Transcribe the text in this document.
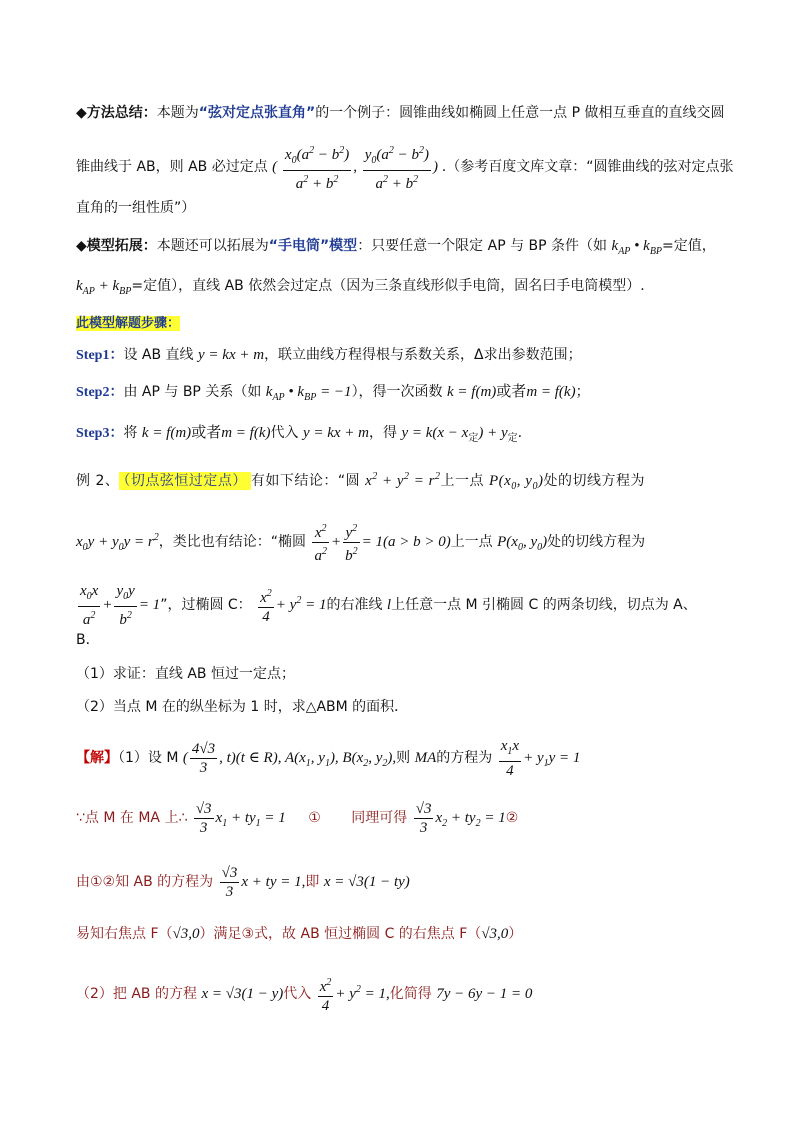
◆方法总结：本题为“弦对定点张直角”的一个例子：圆锥曲线如椭圆上任意一点 P 做相互垂直的直线交圆
锥曲线于 AB，则 AB 必过定点 ( $\frac{x_0(a^2 - b^2)}{a^2 + b^2}$ , $\frac{y_0(a^2 - b^2)}{a^2 + b^2}$ ) .（参考百度文库文章：“圆锥曲线的弦对定点张
直角的一组性质”）
◆模型拓展：本题还可以拓展为“手电筒”模型：只要任意一个限定 AP 与 BP 条件（如 $k_{AP}$ • $k_{BP}=$定值，
$k_{AP} + k_{BP}=$定值），直线 AB 依然会过定点（因为三条直线形似手电筒，固名曰手电筒模型）.
此模型解题步骤：
Step1：设 AB 直线 y = kx + m，联立曲线方程得根与系数关系，Δ求出参数范围；
Step2：由 AP 与 BP 关系（如 $k_{AP}$ • $k_{BP} = -1$），得一次函数 k = f(m)或者m = f(k)；
Step3：将 k = f(m)或者m = f(k)代入 y = kx + m，得 $y = k(x - x_定) + y_定$.
例 2、 （切点弦恒过定点） 有如下结论：“圆 $x^2 + y^2 = r^2$上一点 $P(x_0$, $y_0$)处的切线方程为
$x_0y + y_0y = r^2$，类比也有结论：“椭圆 $\frac{x^2}{a^2} + \frac{y^2}{b^2} = 1(a > b > 0)$上一点 $P(x_0$, $y_0$)处的切线方程为
$\frac{x_0x}{a^2} + \frac{y_0y}{b^2} = 1$”，过椭圆 C： $\frac{x^2}{4} + y^2 = 1$的右准线 l上任意一点 M 引椭圆 C 的两条切线，切点为 A、
B．
（1）求证：直线 AB 恒过一定点；
（2）当点 M 在的纵坐标为 1 时，求△ABM 的面积．
【解】（1）设 M ( $\frac{4√3}{3}$ , t)(t ∈ R), $A(x_1$, $y_1$), $B(x_2$, $y_2$),则 MA的方程为 $\frac{x_1x}{4} + y_1y = 1$
∵点 M 在 MA 上∴ $\frac{√3}{3} x_1 + ty_1 = 1$ ① 同理可得 $\frac{√3}{3} x_2 + ty_2$ = 1②
由①②知 AB 的方程为 $\frac{√3}{3}$ x + ty = 1,即 x = √3(1 − ty)
易知右焦点 F（√3,0）满足③式，故 AB 恒过椭圆 C 的右焦点 F（√3,0）
（2）把 AB 的方程 x = √3(1 − y)代入 $\frac{x^2}{4} + y^2 = 1$,化简得 7y − 6y − 1 = 0
